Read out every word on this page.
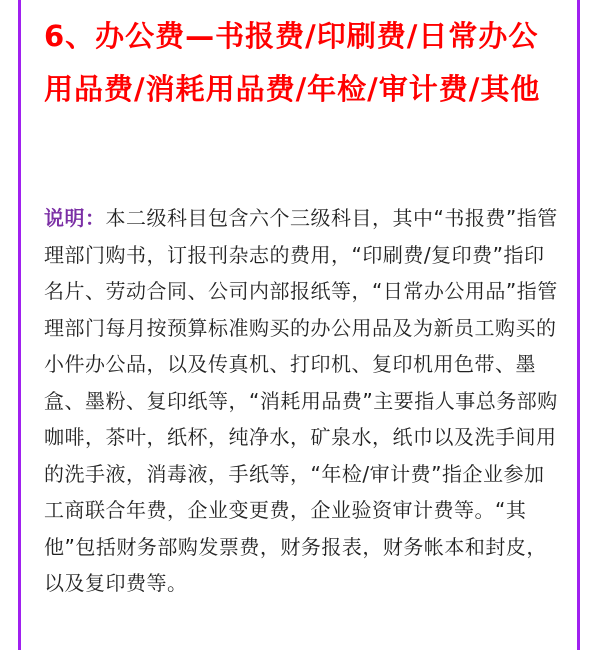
6、办公费—书报费/印刷费/日常办公用品费/消耗用品费/年检/审计费/其他

说明：本二级科目包含六个三级科目，其中“书报费”指管理部门购书，订报刊杂志的费用，“印刷费/复印费”指印名片、劳动合同、公司内部报纸等，“日常办公用品”指管理部门每月按预算标准购买的办公用品及为新员工购买的小件办公品，以及传真机、打印机、复印机用色带、墨盒、墨粉、复印纸等，“消耗用品费”主要指人事总务部购咖啡，茶叶，纸杯，纯净水，矿泉水，纸巾以及洗手间用的洗手液，消毒液，手纸等，“年检/审计费”指企业参加工商联合年费，企业变更费，企业验资审计费等。“其他”包括财务部购发票费，财务报表，财务帐本和封皮，以及复印费等。
